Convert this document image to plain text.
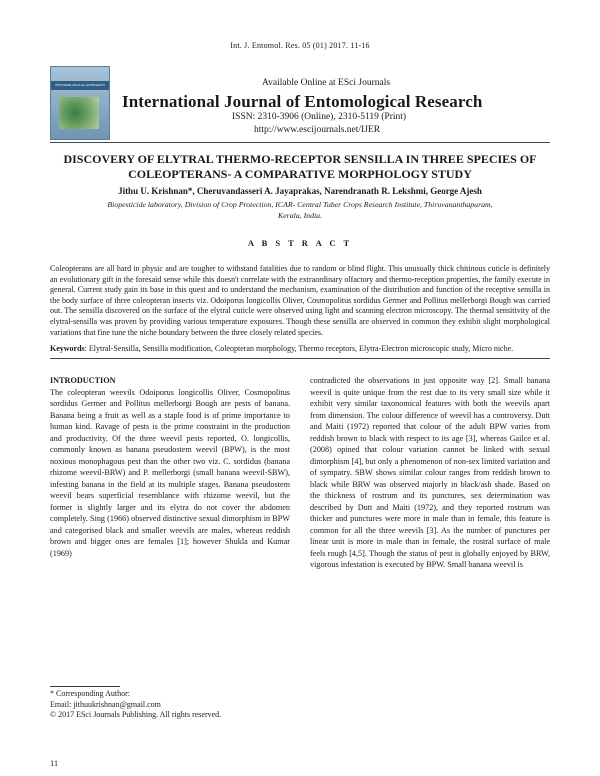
Int. J. Entomol. Res. 05 (01) 2017. 11-16
ENTOMOLOGICAL RESEARCH	Available Online at ESci Journals
International Journal of Entomological Research
ISSN: 2310-3906 (Online), 2310-5119 (Print)
http://www.escijournals.net/IJER
DISCOVERY OF ELYTRAL THERMO-RECEPTOR SENSILLA IN THREE SPECIES OF
COLEOPTERANS- A COMPARATIVE MORPHOLOGY STUDY
Jithu U. Krishnan*, Cheruvandasseri A. Jayaprakas, Narendranath R. Lekshmi, George Ajesh
Biopesticide laboratory, Division of Crop Protection, ICAR- Central Tuber Crops Research Institute, Thiruvananthapuram,
Kerala, India.
A B S T R A C T
Coleopterans are all hard in physic and are tougher to withstand fatalities due to random or blind flight. This unusually thick chitinous cuticle is definitely an evolutionary gift in the foresaid sense while this doesn't correlate with the extraordinary olfactory and thermo-reception properties, the family execute in general. Current study gain its base in this quest and to understand the mechanism, examination of the distribution and function of the receptive sensilla in the body surface of three coleopteran insects viz. Odoiporus longicollis Oliver, Cosmopolitus sordidus Germer and Pollitus mellerborgi Bough was carried out. The sensilla discovered on the surface of the elytral cuticle were observed using light and scanning electron microscopy. The thermal sensitivity of the elytral-sensilla was proven by providing various temperature exposures. Though these sensilla are observed in common they exhibit slight morphological variations that fine tune the niche boundary between the three closely related species.
Keywords: Elytral-Sensilla, Sensilla modification, Coleopteran morphology, Thermo receptors, Elytra-Electron microscopic study, Micro niche.
INTRODUCTION

The coleopteran weevils Odoiporus longicollis Oliver, Cosmopolitus sordidus Germer and Pollitus mellerborgi Bough are pests of banana. Banana being a fruit as well as a staple food is of prime importance to human kind. Ravage of pests is the prime constraint in the production and productivity. Of the three weevil pests reported, O. longicollis, commonly known as banana pseudostem weevil (BPW), is the most noxious monophagous pest than the other two viz. C. sordidus (banana rhizome weevil-BRW) and P. mellerborgi (small banana weevil-SBW), infesting banana in the field at its multiple stages. Banana pseudostem weevil bears superficial resemblance with rhizome weevil, but the former is slightly larger and its elytra do not cover the abdomen completely. Sing (1966) observed distinctive sexual dimorphism in BPW and categorised black and smaller weevils are males, whereas reddish brown and bigger ones are females [1]; however Shukla and Kumar (1969)

contradicted the observations in just opposite way [2]. Small banana weevil is quite unique from the rest due to its very small size while it exhibit very similar taxonomical features with both the weevils apart from dimension. The colour difference of weevil has a controversy. Dutt and Maiti (1972) reported that colour of the adult BPW varies from reddish brown to black with respect to its age [3], whereas Gailce et al. (2008) opined that colour variation cannot be linked with sexual dimorphism [4], but only a phenomenon of non-sex limited variation and of sympatry. SBW shows similar colour ranges from reddish brown to black while BRW was observed majorly in black/ash shade. Based on the thickness of rostrum and its punctures, sex determination was described by Dutt and Maiti (1972), and they reported rostrum was thicker and punctures were more in male than in female, this feature is common for all the three weevils [3]. As the number of punctures per linear unit is more in male than in female, the rostral surface of male feels rough [4,5]. Though the status of pest is globally enjoyed by BRW, vigorous infestation is executed by BPW. Small banana weevil is

* Corresponding Author:
Email: jithuukrishnan@gmail.com
© 2017 ESci Journals Publishing. All rights reserved.
11
